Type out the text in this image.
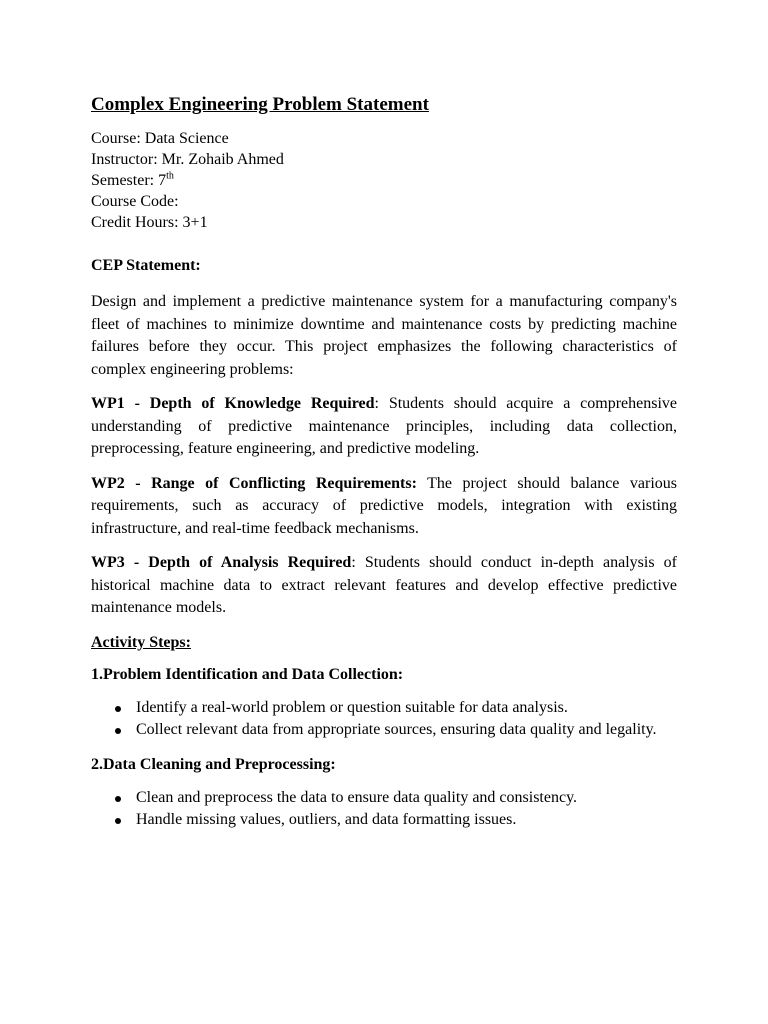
Complex Engineering Problem Statement
Course: Data Science
Instructor: Mr. Zohaib Ahmed
Semester: 7th
Course Code:
Credit Hours: 3+1
CEP Statement:

Design and implement a predictive maintenance system for a manufacturing company's fleet of machines to minimize downtime and maintenance costs by predicting machine failures before they occur. This project emphasizes the following characteristics of complex engineering problems:

WP1 - Depth of Knowledge Required: Students should acquire a comprehensive understanding of predictive maintenance principles, including data collection, preprocessing, feature engineering, and predictive modeling.

WP2 - Range of Conflicting Requirements: The project should balance various requirements, such as accuracy of predictive models, integration with existing infrastructure, and real-time feedback mechanisms.

WP3 - Depth of Analysis Required: Students should conduct in-depth analysis of historical machine data to extract relevant features and develop effective predictive maintenance models.

Activity Steps:
1.Problem Identification and Data Collection:
Identify a real-world problem or question suitable for data analysis.
Collect relevant data from appropriate sources, ensuring data quality and legality.
2.Data Cleaning and Preprocessing:
Clean and preprocess the data to ensure data quality and consistency.
Handle missing values, outliers, and data formatting issues.
